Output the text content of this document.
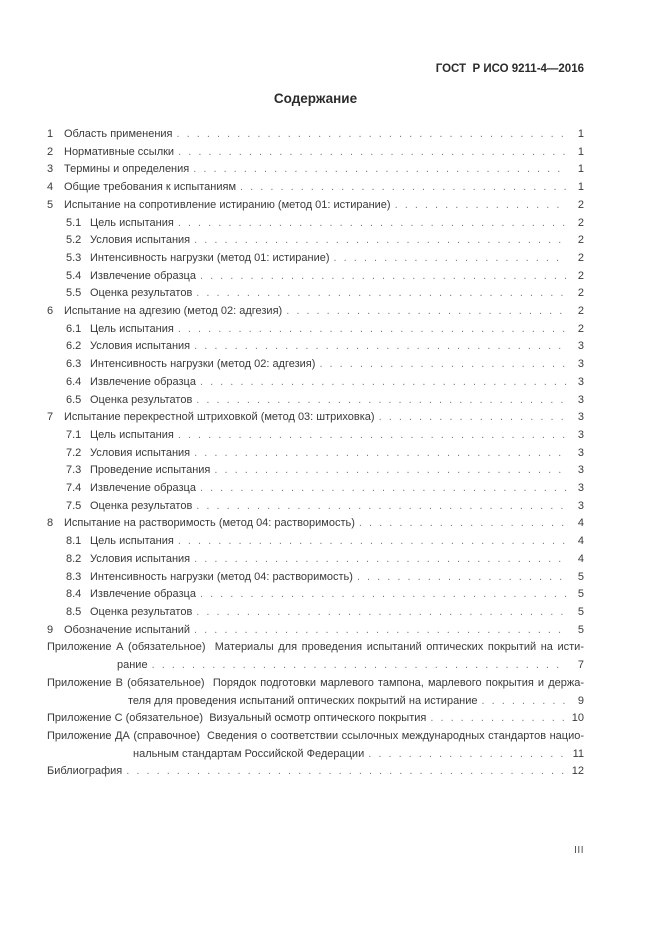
ГОСТ  Р ИСО 9211-4—2016
Содержание
1 Область применения . . .	1
2 Нормативные ссылки . . .	1
3 Термины и определения . . .	1
4 Общие требования к испытаниям . . .	1
5 Испытание на сопротивление истиранию (метод 01: истирание) . . .	2
5.1 Цель испытания . . .	2
5.2 Условия испытания . . .	2
5.3 Интенсивность нагрузки (метод 01: истирание) . . .	2
5.4 Извлечение образца . . .	2
5.5 Оценка результатов . . .	2
6 Испытание на адгезию (метод 02: адгезия) . . .	2
6.1 Цель испытания . . .	2
6.2 Условия испытания . . .	3
6.3 Интенсивность нагрузки (метод 02: адгезия) . . .	3
6.4 Извлечение образца . . .	3
6.5 Оценка результатов . . .	3
7 Испытание перекрестной штриховкой (метод 03: штриховка) . . .	3
7.1 Цель испытания . . .	3
7.2 Условия испытания . . .	3
7.3 Проведение испытания . . .	3
7.4 Извлечение образца . . .	3
7.5 Оценка результатов . . .	3
8 Испытание на растворимость (метод 04: растворимость) . . .	4
8.1 Цель испытания . . .	4
8.2 Условия испытания . . .	4
8.3 Интенсивность нагрузки (метод 04: растворимость) . . .	5
8.4 Извлечение образца . . .	5
8.5 Оценка результатов . . .	5
9 Обозначение испытаний . . .	5
Приложение А (обязательное)  Материалы для проведения испытаний оптических покрытий на исти-
рание . . .	7
Приложение В (обязательное)  Порядок подготовки марлевого тампона, марлевого покрытия и держа-
теля для проведения испытаний оптических покрытий на истирание . . .	9
Приложение С (обязательное)  Визуальный осмотр оптического покрытия . . .	10
Приложение ДА (справочное)  Сведения о соответствии ссылочных международных стандартов нацио-
нальным стандартам Российской Федерации . . .	11
Библиография . . .	12
III
